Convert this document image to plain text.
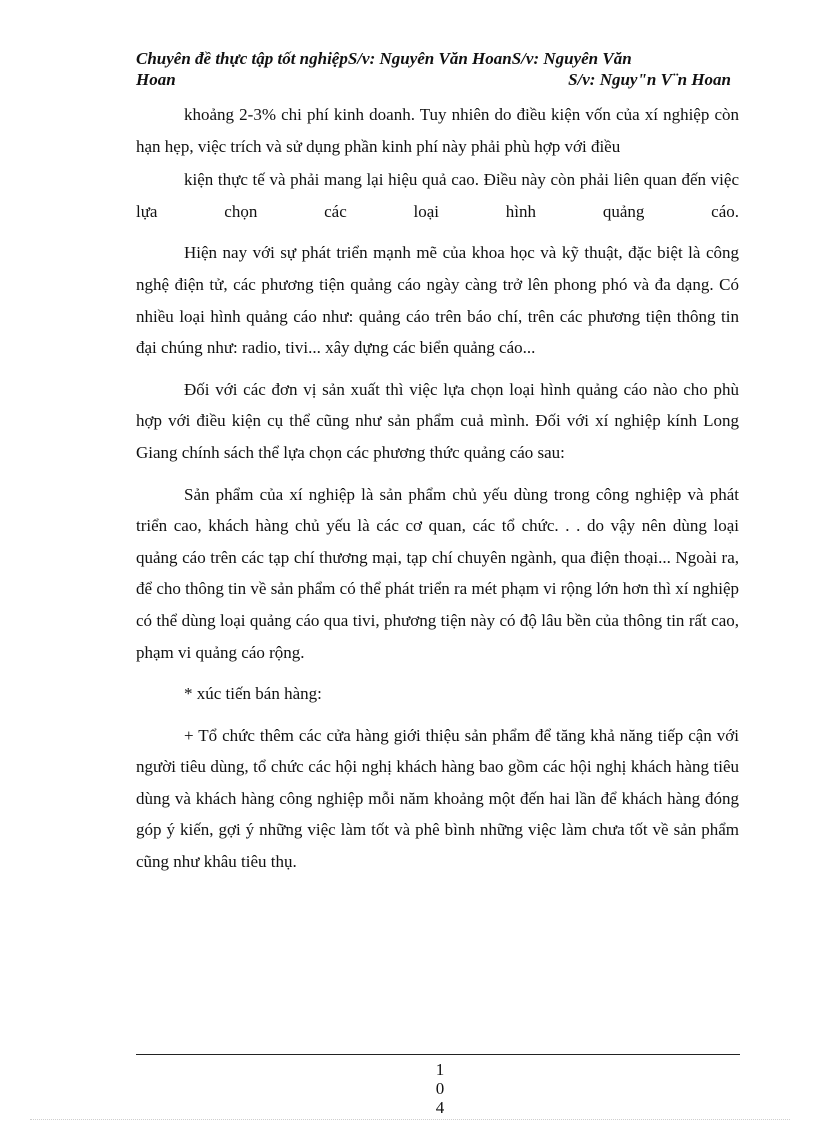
Chuyên đề thực tập tốt nghiệpS/v: Nguyên Văn HoanS/v: Nguyên Văn
Hoan	S/v: Nguy"n V¨n Hoan

khoảng 2-3% chi phí kinh doanh. Tuy nhiên do điều kiện vốn của xí nghiệp còn hạn hẹp, việc trích và sử dụng phần kinh phí này phải phù hợp với điều

kiện thực tế và phải mang lại hiệu quả cao. Điều này còn phải liên quan đến việc lựa chọn các loại hình quảng cáo.

Hiện nay với sự phát triển mạnh mẽ của khoa học và kỹ thuật, đặc biệt là công nghệ điện tử, các phương tiện quảng cáo ngày càng trở lên phong phó và đa dạng. Có nhiều loại hình quảng cáo như: quảng cáo trên báo chí, trên các phương tiện thông tin đại chúng như: radio, tivi... xây dựng các biển quảng cáo...

Đối với các đơn vị sản xuất thì việc lựa chọn loại hình quảng cáo nào cho phù hợp với điều kiện cụ thể cũng như sản phẩm cuả mình. Đối với xí nghiệp kính Long Giang chính sách thể lựa chọn các phương thức quảng cáo sau:

Sản phẩm của xí nghiệp là sản phẩm chủ yếu dùng trong công nghiệp và phát triển cao, khách hàng chủ yếu là các cơ quan, các tổ chức. . . do vậy nên dùng loại quảng cáo trên các tạp chí thương mại, tạp chí chuyên ngành, qua điện thoại... Ngoài ra, để cho thông tin về sản phẩm có thể phát triển ra mét phạm vi rộng lớn hơn thì xí nghiệp có thể dùng loại quảng cáo qua tivi, phương tiện này có độ lâu bền của thông tin rất cao, phạm vi quảng cáo rộng.

* xúc tiến bán hàng:

+ Tổ chức thêm các cửa hàng giới thiệu sản phẩm để tăng khả năng tiếp cận với người tiêu dùng, tổ chức các hội nghị khách hàng bao gồm các hội nghị khách hàng tiêu dùng và khách hàng công nghiệp mỗi năm khoảng một đến hai lần để khách hàng đóng góp ý kiến, gợi ý những việc làm tốt và phê bình những việc làm chưa tốt về sản phẩm cũng như khâu tiêu thụ.

1
0
4
